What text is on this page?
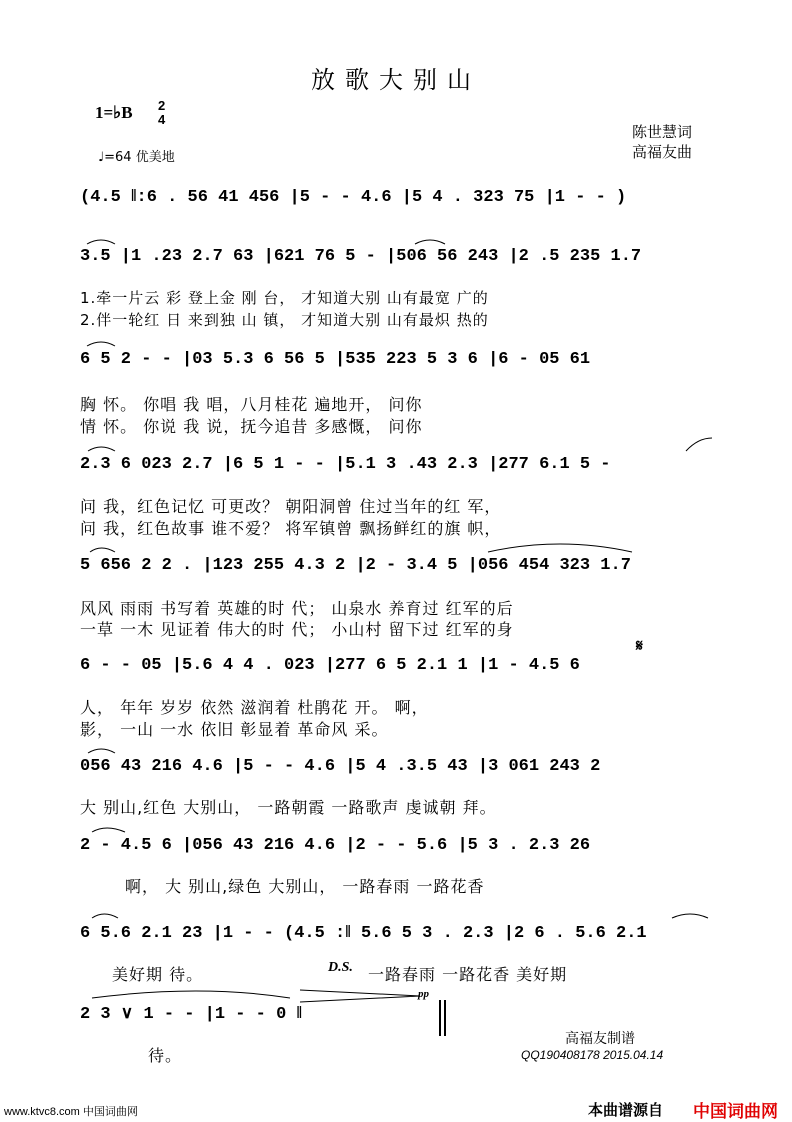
放歌大别山
1=♭B 2
4
♩=64 优美地
陈世慧词
高福友曲
(4.5 ‖:6 . 56 41 456 |5 - - 4.6 |5 4 . 323 75 |1 - - )
3.5 |1 .23 2.7 63 |621 76 5 - |506 56 243 |2 .5 235 1.7
6 5 2 - - |03 5.3 6 56 5 |535 223 5 3 6 |6 - 05 61
2.3 6 023 2.7 |6 5 1 - - |5.1 3 .43 2.3 |277 6.1 5 -
5 656 2 2 . |123 255 4.3 2 |2 - 3.4 5 |056 454 323 1.7
6 - - 05 |5.6 4 4 . 023 |277 6 5 2.1 1 |1 - 4.5 6
056 43 216 4.6 |5 - - 4.6 |5 4 .3.5 43 |3 061 243 2
2 - 4.5 6 |056 43 216 4.6 |2 - - 5.6 |5 3 . 2.3 26
6 5.6 2.1 23 |1 - - (4.5 :‖ 5.6 5 3 . 2.3 |2 6 . 5.6 2.1
2 3 ∨ 1 - - |1 - - 0 ‖
1.牵一片云 彩 登上金 刚 台， 才知道大别 山有最宽 广的
2.伴一轮红 日 来到独 山 镇， 才知道大别 山有最炽 热的
胸 怀。 你唱 我 唱，八月桂花 遍地开， 问你
情 怀。 你说 我 说，抚今追昔 多感慨， 问你
问 我，红色记忆 可更改？ 朝阳洞曾 住过当年的红 军，
问 我，红色故事 谁不爱？ 将军镇曾 飘扬鲜红的旗 帜，
风风 雨雨 书写着 英雄的时 代； 山泉水 养育过 红军的后
一草 一木 见证着 伟大的时 代； 小山村 留下过 红军的身
人， 年年 岁岁 依然 滋润着 杜鹃花 开。 啊，
影， 一山 一水 依旧 彰显着 革命风 采。
大 别山,红色 大别山， 一路朝霞 一路歌声 虔诚朝 拜。
啊， 大 别山,绿色 大别山， 一路春雨 一路花香
美好期 待。	一路春雨 一路花香 美好期
待。
D.S.
pp
𝄋
高福友制谱
QQ190408178 2015.04.14
www.ktvc8.com 中国词曲网	本曲谱源自 中国词曲网
